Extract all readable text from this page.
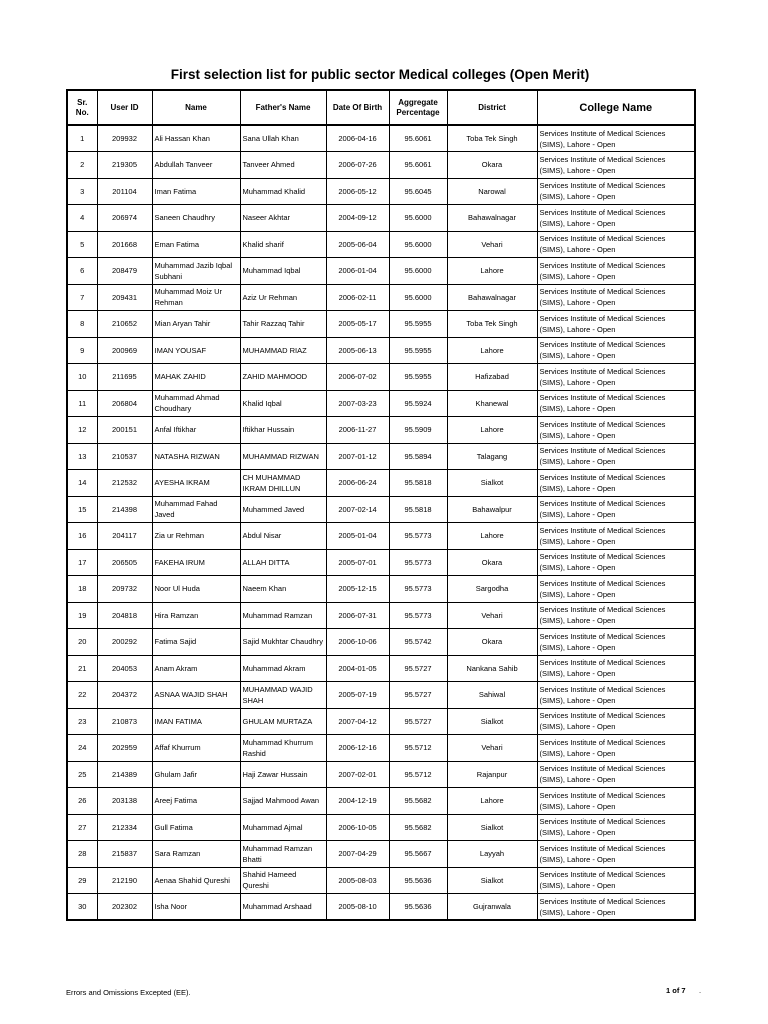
First selection list for public sector Medical colleges (Open Merit)
Sr. No.	User ID	Name	Father's Name	Date Of Birth	Aggregate Percentage	District	College Name
1	209932	Ali Hassan Khan	Sana Ullah Khan	2006-04-16	95.6061	Toba Tek Singh	Services Institute of Medical Sciences (SIMS), Lahore - Open
2	219305	Abdullah Tanveer	Tanveer Ahmed	2006-07-26	95.6061	Okara	Services Institute of Medical Sciences (SIMS), Lahore - Open
3	201104	Iman Fatima	Muhammad Khalid	2006-05-12	95.6045	Narowal	Services Institute of Medical Sciences (SIMS), Lahore - Open
4	206974	Saneen Chaudhry	Naseer Akhtar	2004-09-12	95.6000	Bahawalnagar	Services Institute of Medical Sciences (SIMS), Lahore - Open
5	201668	Eman Fatima	Khalid sharif	2005-06-04	95.6000	Vehari	Services Institute of Medical Sciences (SIMS), Lahore - Open
6	208479	Muhammad Jazib Iqbal Subhani	Muhammad Iqbal	2006-01-04	95.6000	Lahore	Services Institute of Medical Sciences (SIMS), Lahore - Open
7	209431	Muhammad Moiz Ur Rehman	Aziz Ur Rehman	2006-02-11	95.6000	Bahawalnagar	Services Institute of Medical Sciences (SIMS), Lahore - Open
8	210652	Mian Aryan Tahir	Tahir Razzaq Tahir	2005-05-17	95.5955	Toba Tek Singh	Services Institute of Medical Sciences (SIMS), Lahore - Open
9	200969	IMAN YOUSAF	MUHAMMAD RIAZ	2005-06-13	95.5955	Lahore	Services Institute of Medical Sciences (SIMS), Lahore - Open
10	211695	MAHAK ZAHID	ZAHID MAHMOOD	2006-07-02	95.5955	Hafizabad	Services Institute of Medical Sciences (SIMS), Lahore - Open
11	206804	Muhammad Ahmad Choudhary	Khalid Iqbal	2007-03-23	95.5924	Khanewal	Services Institute of Medical Sciences (SIMS), Lahore - Open
12	200151	Anfal Iftikhar	Iftikhar Hussain	2006-11-27	95.5909	Lahore	Services Institute of Medical Sciences (SIMS), Lahore - Open
13	210537	NATASHA RIZWAN	MUHAMMAD RIZWAN	2007-01-12	95.5894	Talagang	Services Institute of Medical Sciences (SIMS), Lahore - Open
14	212532	AYESHA IKRAM	CH MUHAMMAD IKRAM DHILLUN	2006-06-24	95.5818	Sialkot	Services Institute of Medical Sciences (SIMS), Lahore - Open
15	214398	Muhammad Fahad Javed	Muhammed Javed	2007-02-14	95.5818	Bahawalpur	Services Institute of Medical Sciences (SIMS), Lahore - Open
16	204117	Zia ur Rehman	Abdul Nisar	2005-01-04	95.5773	Lahore	Services Institute of Medical Sciences (SIMS), Lahore - Open
17	206505	FAKEHA IRUM	ALLAH DITTA	2005-07-01	95.5773	Okara	Services Institute of Medical Sciences (SIMS), Lahore - Open
18	209732	Noor Ul Huda	Naeem Khan	2005-12-15	95.5773	Sargodha	Services Institute of Medical Sciences (SIMS), Lahore - Open
19	204818	Hira Ramzan	Muhammad Ramzan	2006-07-31	95.5773	Vehari	Services Institute of Medical Sciences (SIMS), Lahore - Open
20	200292	Fatima Sajid	Sajid Mukhtar Chaudhry	2006-10-06	95.5742	Okara	Services Institute of Medical Sciences (SIMS), Lahore - Open
21	204053	Anam Akram	Muhammad Akram	2004-01-05	95.5727	Nankana Sahib	Services Institute of Medical Sciences (SIMS), Lahore - Open
22	204372	ASNAA WAJID SHAH	MUHAMMAD WAJID SHAH	2005-07-19	95.5727	Sahiwal	Services Institute of Medical Sciences (SIMS), Lahore - Open
23	210873	IMAN FATIMA	GHULAM MURTAZA	2007-04-12	95.5727	Sialkot	Services Institute of Medical Sciences (SIMS), Lahore - Open
24	202959	Affaf Khurrum	Muhammad Khurrum Rashid	2006-12-16	95.5712	Vehari	Services Institute of Medical Sciences (SIMS), Lahore - Open
25	214389	Ghulam Jafir	Haji Zawar Hussain	2007-02-01	95.5712	Rajanpur	Services Institute of Medical Sciences (SIMS), Lahore - Open
26	203138	Areej Fatima	Sajjad Mahmood Awan	2004-12-19	95.5682	Lahore	Services Institute of Medical Sciences (SIMS), Lahore - Open
27	212334	Gull Fatima	Muhammad Ajmal	2006-10-05	95.5682	Sialkot	Services Institute of Medical Sciences (SIMS), Lahore - Open
28	215837	Sara Ramzan	Muhammad Ramzan Bhatti	2007-04-29	95.5667	Layyah	Services Institute of Medical Sciences (SIMS), Lahore - Open
29	212190	Aenaa Shahid Qureshi	Shahid Hameed Qureshi	2005-08-03	95.5636	Sialkot	Services Institute of Medical Sciences (SIMS), Lahore - Open
30	202302	Isha Noor	Muhammad Arshaad	2005-08-10	95.5636	Gujranwala	Services Institute of Medical Sciences (SIMS), Lahore - Open
Errors and Omissions Excepted (EE).	1 of 7 .
